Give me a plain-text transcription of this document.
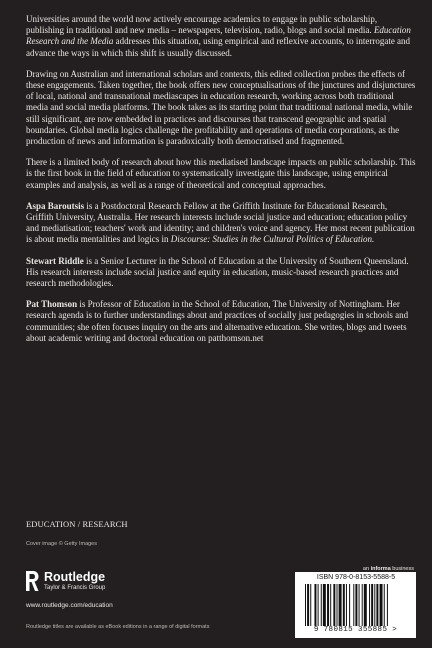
Universities around the world now actively encourage academics to engage in public scholarship, publishing in traditional and new media – newspapers, television, radio, blogs and social media. Education Research and the Media addresses this situation, using empirical and reflexive accounts, to interrogate and advance the ways in which this shift is usually discussed.

Drawing on Australian and international scholars and contexts, this edited collection probes the effects of these engagements. Taken together, the book offers new conceptualisations of the junctures and disjunctures of local, national and transnational mediascapes in education research, working across both traditional media and social media platforms. The book takes as its starting point that traditional national media, while still significant, are now embedded in practices and discourses that transcend geographic and spatial boundaries. Global media logics challenge the profitability and operations of media corporations, as the production of news and information is paradoxically both democratised and fragmented.

There is a limited body of research about how this mediatised landscape impacts on public scholarship. This is the first book in the field of education to systematically investigate this landscape, using empirical examples and analysis, as well as a range of theoretical and conceptual approaches.

Aspa Baroutsis is a Postdoctoral Research Fellow at the Griffith Institute for Educational Research, Griffith University, Australia. Her research interests include social justice and education; education policy and mediatisation; teachers' work and identity; and children's voice and agency. Her most recent publication is about media mentalities and logics in Discourse: Studies in the Cultural Politics of Education.

Stewart Riddle is a Senior Lecturer in the School of Education at the University of Southern Queensland. His research interests include social justice and equity in education, music-based research practices and research methodologies.

Pat Thomson is Professor of Education in the School of Education, The University of Nottingham. Her research agenda is to further understandings about and practices of socially just pedagogies in schools and communities; she often focuses inquiry on the arts and alternative education. She writes, blogs and tweets about academic writing and doctoral education on patthomson.net

EDUCATION / RESEARCH
Cover image © Getty Images
an informa business
Routledge
Taylor & Francis Group
www.routledge.com/education
Routledge titles are available as eBook editions in a range of digital formats
ISBN 978-0-8153-5588-5
9 780815 355885 >
